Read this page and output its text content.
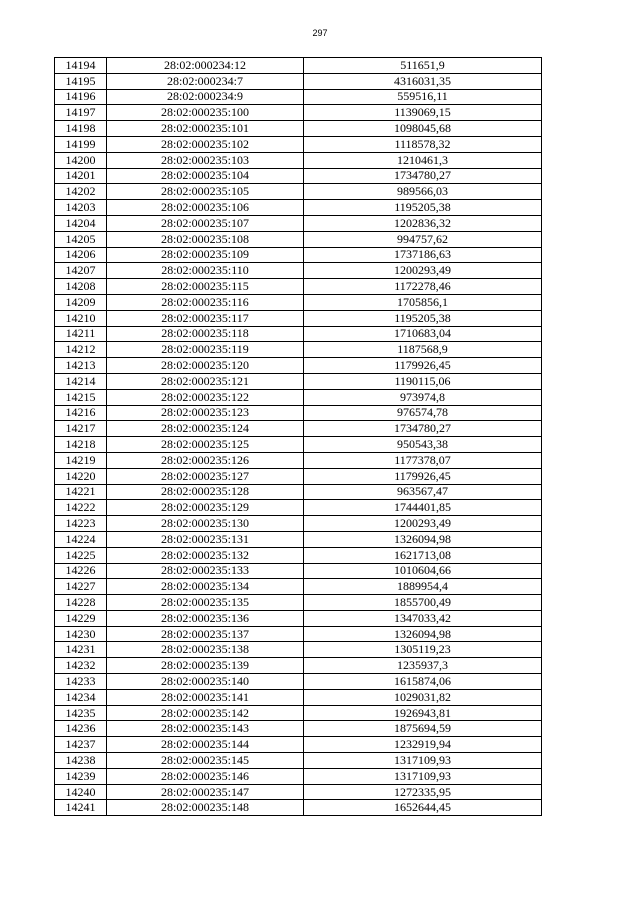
297
14194	28:02:000234:12	511651,9
14195	28:02:000234:7	4316031,35
14196	28:02:000234:9	559516,11
14197	28:02:000235:100	1139069,15
14198	28:02:000235:101	1098045,68
14199	28:02:000235:102	1118578,32
14200	28:02:000235:103	1210461,3
14201	28:02:000235:104	1734780,27
14202	28:02:000235:105	989566,03
14203	28:02:000235:106	1195205,38
14204	28:02:000235:107	1202836,32
14205	28:02:000235:108	994757,62
14206	28:02:000235:109	1737186,63
14207	28:02:000235:110	1200293,49
14208	28:02:000235:115	1172278,46
14209	28:02:000235:116	1705856,1
14210	28:02:000235:117	1195205,38
14211	28:02:000235:118	1710683,04
14212	28:02:000235:119	1187568,9
14213	28:02:000235:120	1179926,45
14214	28:02:000235:121	1190115,06
14215	28:02:000235:122	973974,8
14216	28:02:000235:123	976574,78
14217	28:02:000235:124	1734780,27
14218	28:02:000235:125	950543,38
14219	28:02:000235:126	1177378,07
14220	28:02:000235:127	1179926,45
14221	28:02:000235:128	963567,47
14222	28:02:000235:129	1744401,85
14223	28:02:000235:130	1200293,49
14224	28:02:000235:131	1326094,98
14225	28:02:000235:132	1621713,08
14226	28:02:000235:133	1010604,66
14227	28:02:000235:134	1889954,4
14228	28:02:000235:135	1855700,49
14229	28:02:000235:136	1347033,42
14230	28:02:000235:137	1326094,98
14231	28:02:000235:138	1305119,23
14232	28:02:000235:139	1235937,3
14233	28:02:000235:140	1615874,06
14234	28:02:000235:141	1029031,82
14235	28:02:000235:142	1926943,81
14236	28:02:000235:143	1875694,59
14237	28:02:000235:144	1232919,94
14238	28:02:000235:145	1317109,93
14239	28:02:000235:146	1317109,93
14240	28:02:000235:147	1272335,95
14241	28:02:000235:148	1652644,45
